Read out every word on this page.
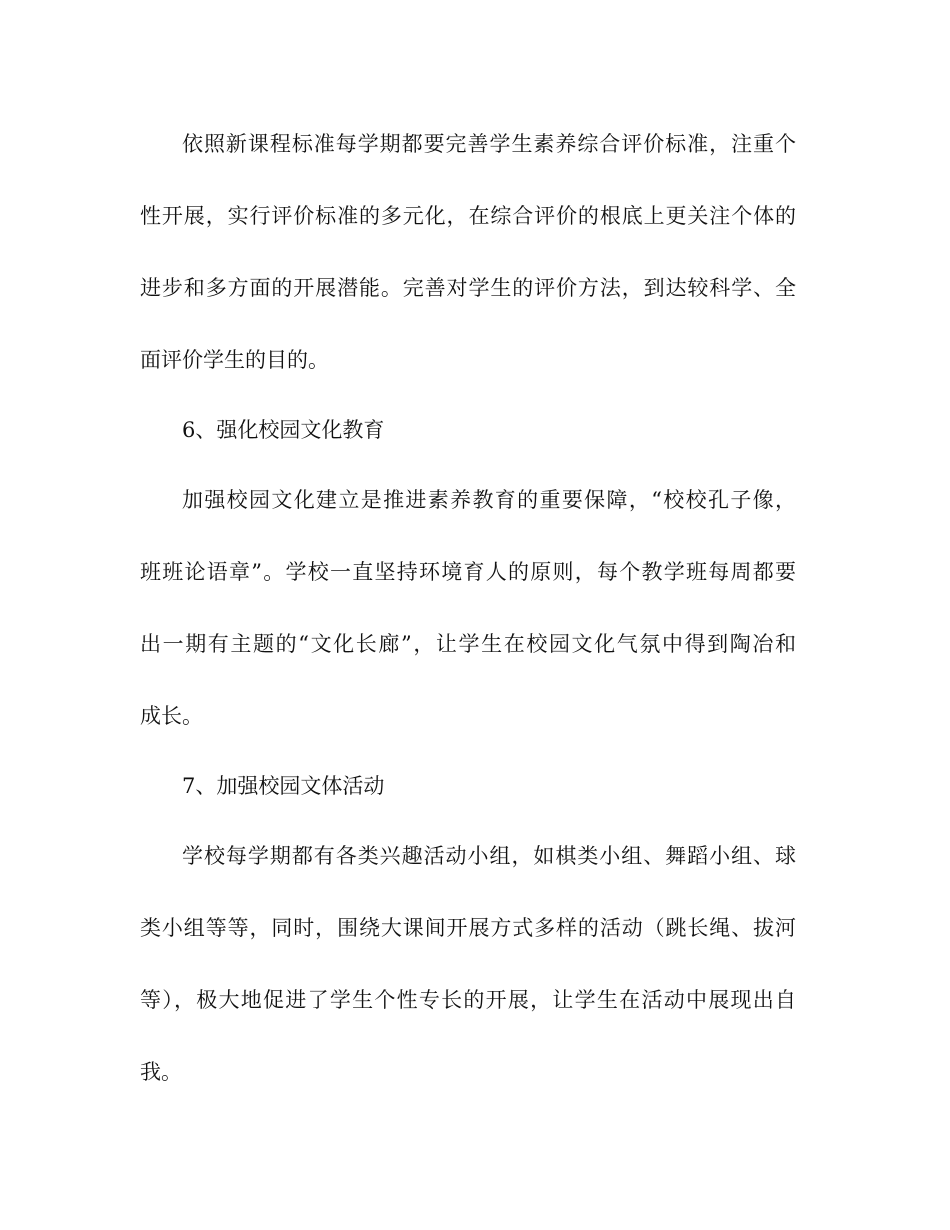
依照新课程标准每学期都要完善学生素养综合评价标准，注重个
性开展，实行评价标准的多元化，在综合评价的根底上更关注个体的
进步和多方面的开展潜能。完善对学生的评价方法，到达较科学、全
面评价学生的目的。
6、强化校园文化教育
加强校园文化建立是推进素养教育的重要保障，“校校孔子像，
班班论语章”。学校一直坚持环境育人的原则，每个教学班每周都要
出一期有主题的“文化长廊”，让学生在校园文化气氛中得到陶冶和
成长。
7、加强校园文体活动
学校每学期都有各类兴趣活动小组，如棋类小组、舞蹈小组、球
类小组等等，同时，围绕大课间开展方式多样的活动（跳长绳、拔河
等），极大地促进了学生个性专长的开展，让学生在活动中展现出自
我。
